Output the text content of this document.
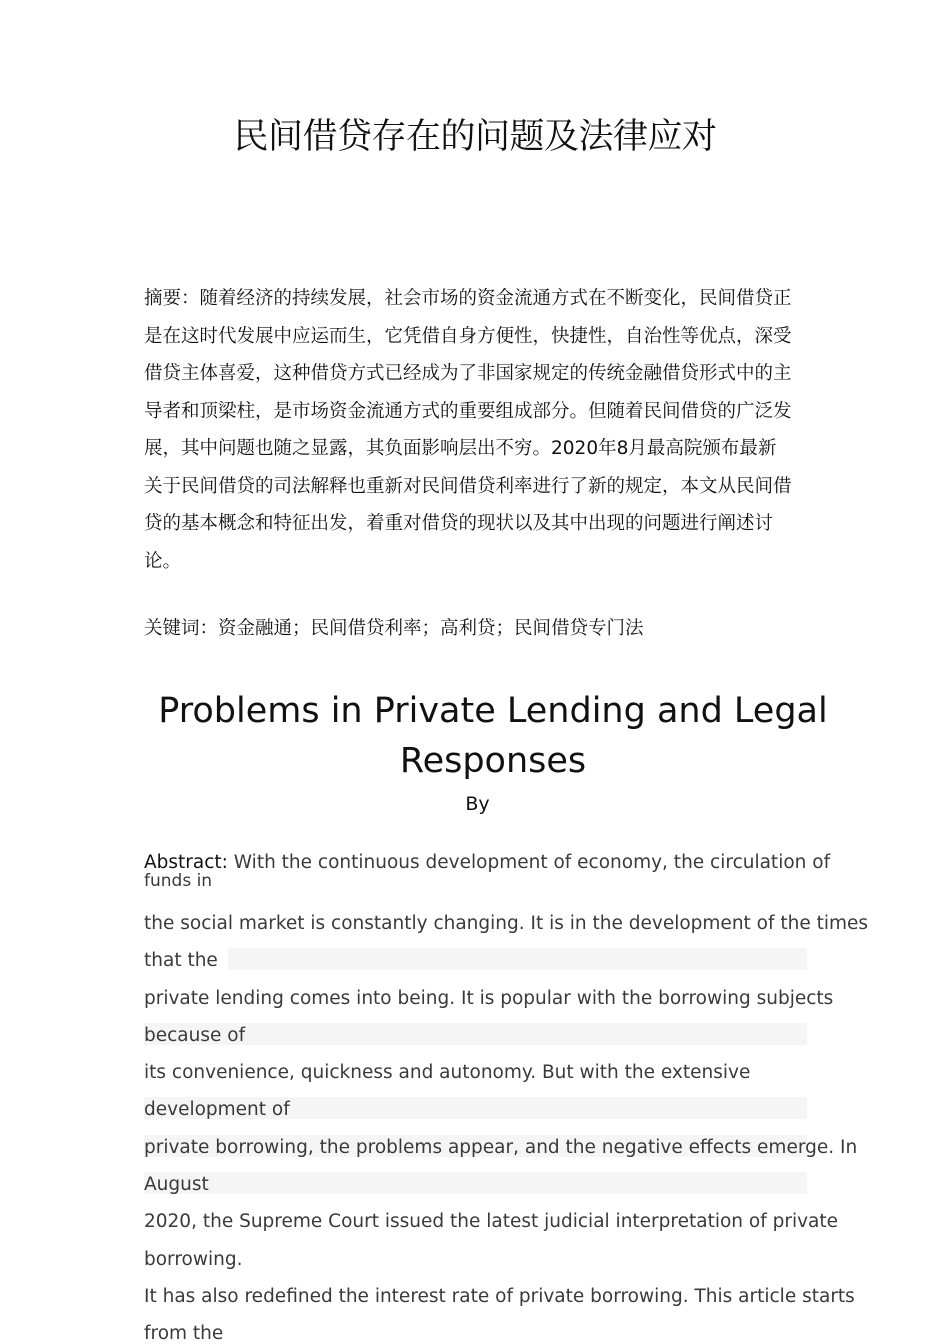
民间借贷存在的问题及法律应对
摘要：随着经济的持续发展，社会市场的资金流通方式在不断变化，民间借贷正
是在这时代发展中应运而生，它凭借自身方便性，快捷性，自治性等优点，深受
借贷主体喜爱，这种借贷方式已经成为了非国家规定的传统金融借贷形式中的主
导者和顶梁柱，是市场资金流通方式的重要组成部分。但随着民间借贷的广泛发
展，其中问题也随之显露，其负面影响层出不穷。2020年8月最高院颁布最新
关于民间借贷的司法解释也重新对民间借贷利率进行了新的规定，本文从民间借
贷的基本概念和特征出发，着重对借贷的现状以及其中出现的问题进行阐述讨
论。
关键词：资金融通；民间借贷利率；高利贷；民间借贷专门法
Problems in Private Lending and Legal Responses
By
Abstract: With the continuous development of economy, the circulation of
funds in
the social market is constantly changing. It is in the development of the times
that the
private lending comes into being. It is popular with the borrowing subjects
because of
its convenience, quickness and autonomy. But with the extensive
development of
private borrowing, the problems appear, and the negative effects emerge. In
August
2020, the Supreme Court issued the latest judicial interpretation of private
borrowing.
It has also redefined the interest rate of private borrowing. This article starts
from the
